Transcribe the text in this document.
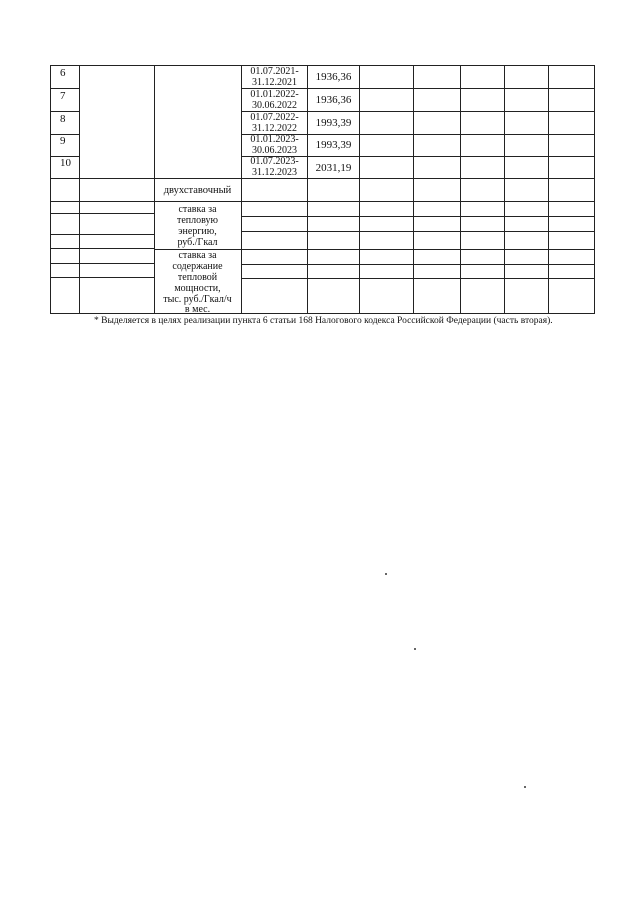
6	01.07.2021-
31.12.2021	1936,36
7	01.01.2022-
30.06.2022	1936,36
8	01.07.2022-
31.12.2022	1993,39
9	01.01.2023-
30.06.2023	1993,39
10	01.07.2023-
31.12.2023	2031,19
двухставочный
ставка за
тепловую
энергию,
руб./Гкал
ставка за
содержание
тепловой
мощности,
тыс. руб./Гкал/ч
в мес.
* Выделяется в целях реализации пункта 6 статьи 168 Налогового кодекса Российской Федерации (часть вторая).
